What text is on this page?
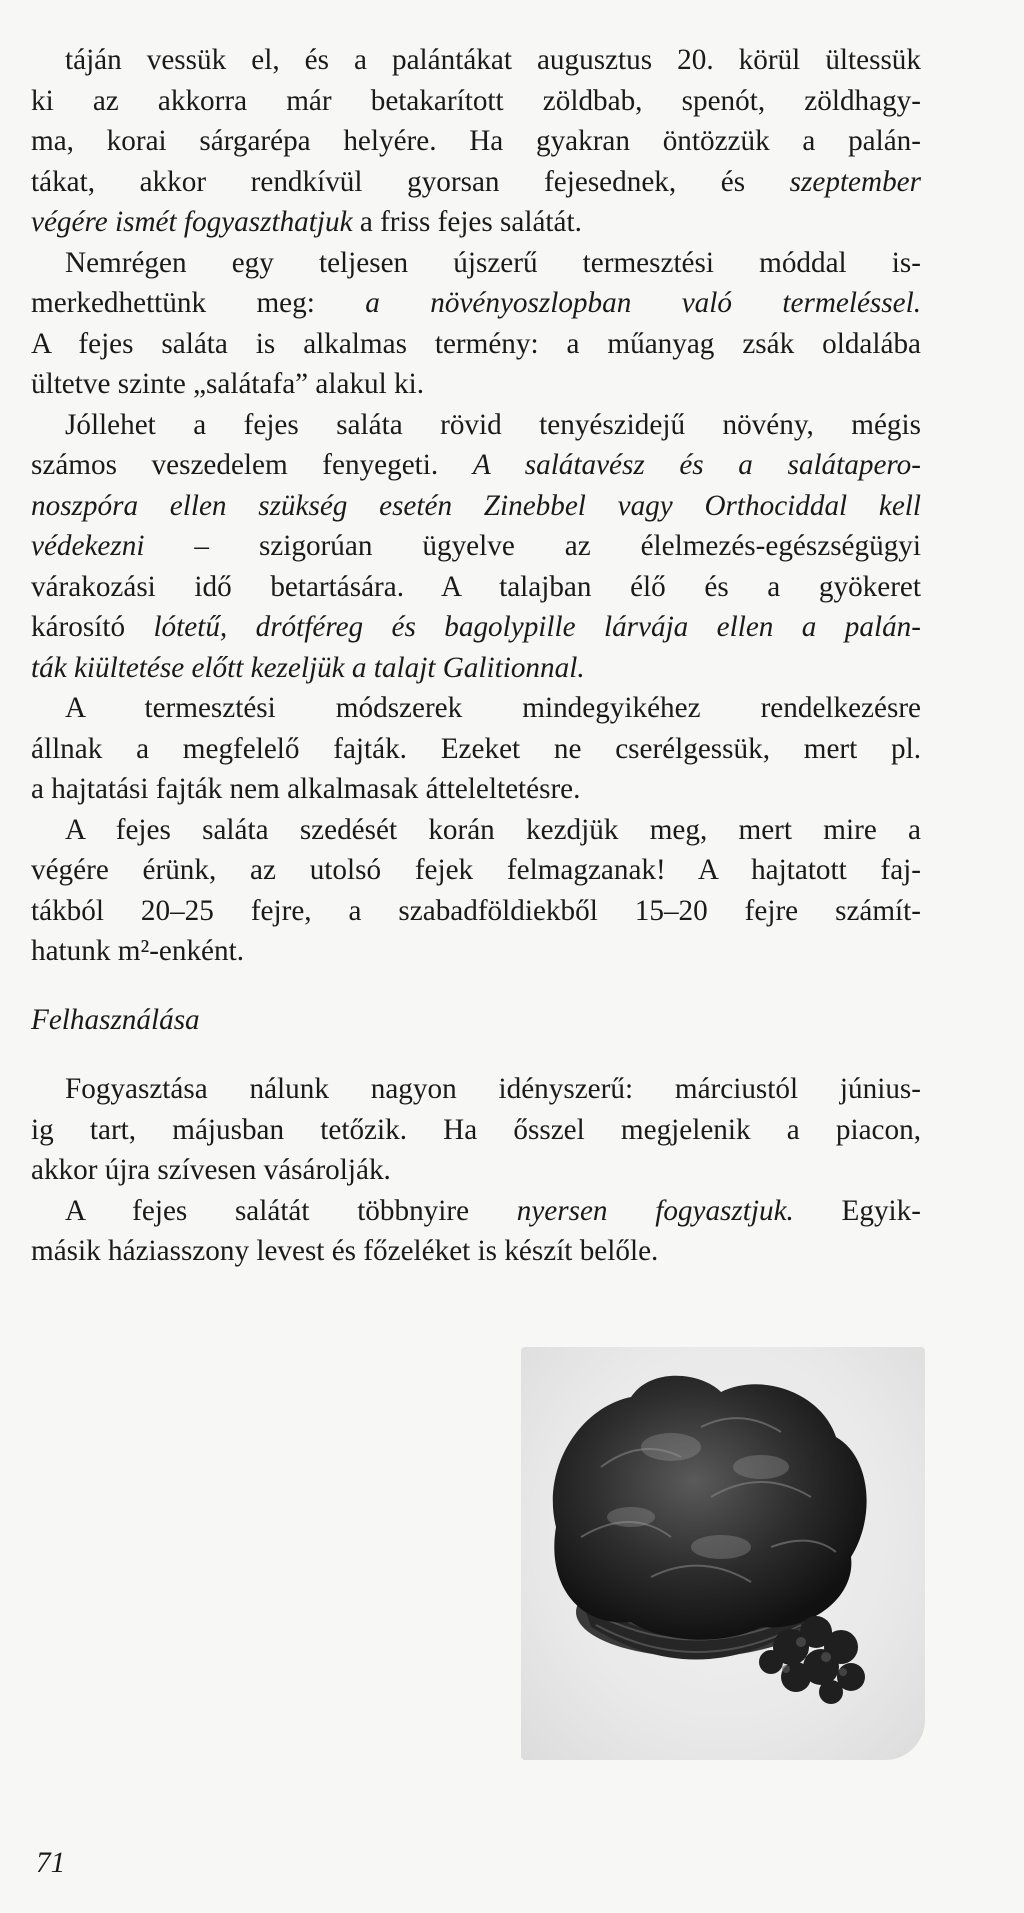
táján vessük el, és a palántákat augusztus 20. körül ültessük

ki az akkorra már betakarított zöldbab, spenót, zöldhagy-

ma, korai sárgarépa helyére. Ha gyakran öntözzük a palán-

tákat, akkor rendkívül gyorsan fejesednek, és szeptember

végére ismét fogyaszthatjuk a friss fejes salátát.

Nemrégen egy teljesen újszerű termesztési móddal is-

merkedhettünk meg: a növényoszlopban való termeléssel.

A fejes saláta is alkalmas termény: a műanyag zsák oldalába

ültetve szinte „salátafa” alakul ki.

Jóllehet a fejes saláta rövid tenyészidejű növény, mégis

számos veszedelem fenyegeti. A salátavész és a salátapero-

noszpóra ellen szükség esetén Zinebbel vagy Orthociddal kell

védekezni – szigorúan ügyelve az élelmezés-egészségügyi

várakozási idő betartására. A talajban élő és a gyökeret

károsító lótetű, drótféreg és bagolypille lárvája ellen a palán-

ták kiültetése előtt kezeljük a talajt Galitionnal.

A termesztési módszerek mindegyikéhez rendelkezésre

állnak a megfelelő fajták. Ezeket ne cserélgessük, mert pl.

a hajtatási fajták nem alkalmasak átteleltetésre.

A fejes saláta szedését korán kezdjük meg, mert mire a

végére érünk, az utolsó fejek felmagzanak! A hajtatott faj-

tákból 20–25 fejre, a szabadföldiekből 15–20 fejre számít-

hatunk m²-enként.

Felhasználása

Fogyasztása nálunk nagyon idényszerű: márciustól június-

ig tart, májusban tetőzik. Ha ősszel megjelenik a piacon,

akkor újra szívesen vásárolják.

A fejes salátát többnyire nyersen fogyasztjuk. Egyik-

másik háziasszony levest és főzeléket is készít belőle.

71
